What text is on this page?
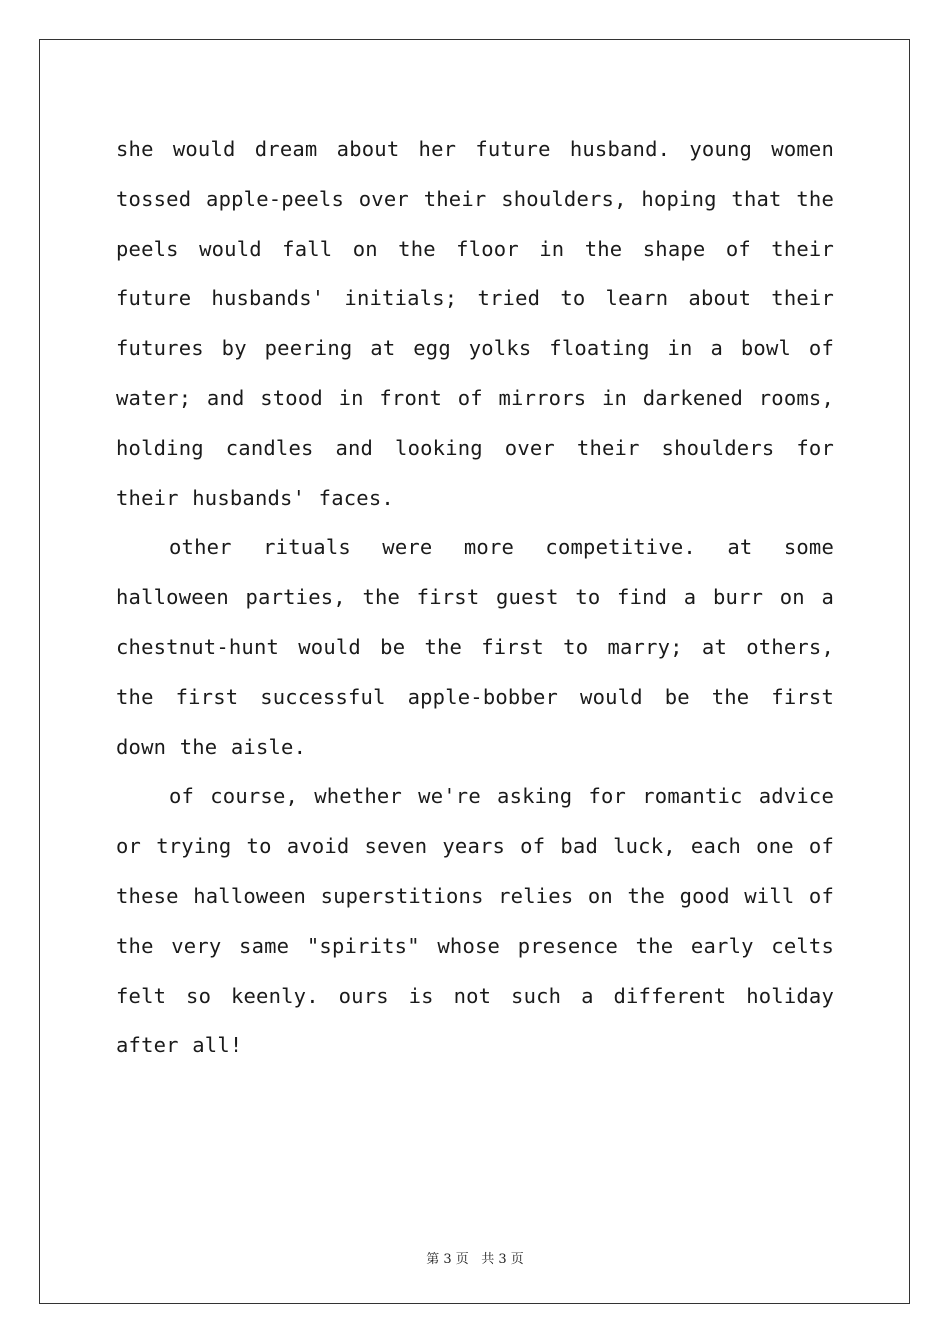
she would dream about her future husband. young women tossed apple-peels over their shoulders, hoping that the peels would fall on the floor in the shape of their future husbands' initials; tried to learn about their futures by peering at egg yolks floating in a bowl of water; and stood in front of mirrors in darkened rooms, holding candles and looking over their shoulders for their husbands' faces.

other rituals were more competitive. at some halloween parties, the first guest to find a burr on a chestnut-hunt would be the first to marry; at others, the first successful apple-bobber would be the first down the aisle.

of course, whether we're asking for romantic advice or trying to avoid seven years of bad luck, each one of these halloween superstitions relies on the good will of the very same "spirits" whose presence the early celts felt so keenly. ours is not such a different holiday after all!

第 3 页   共 3 页
